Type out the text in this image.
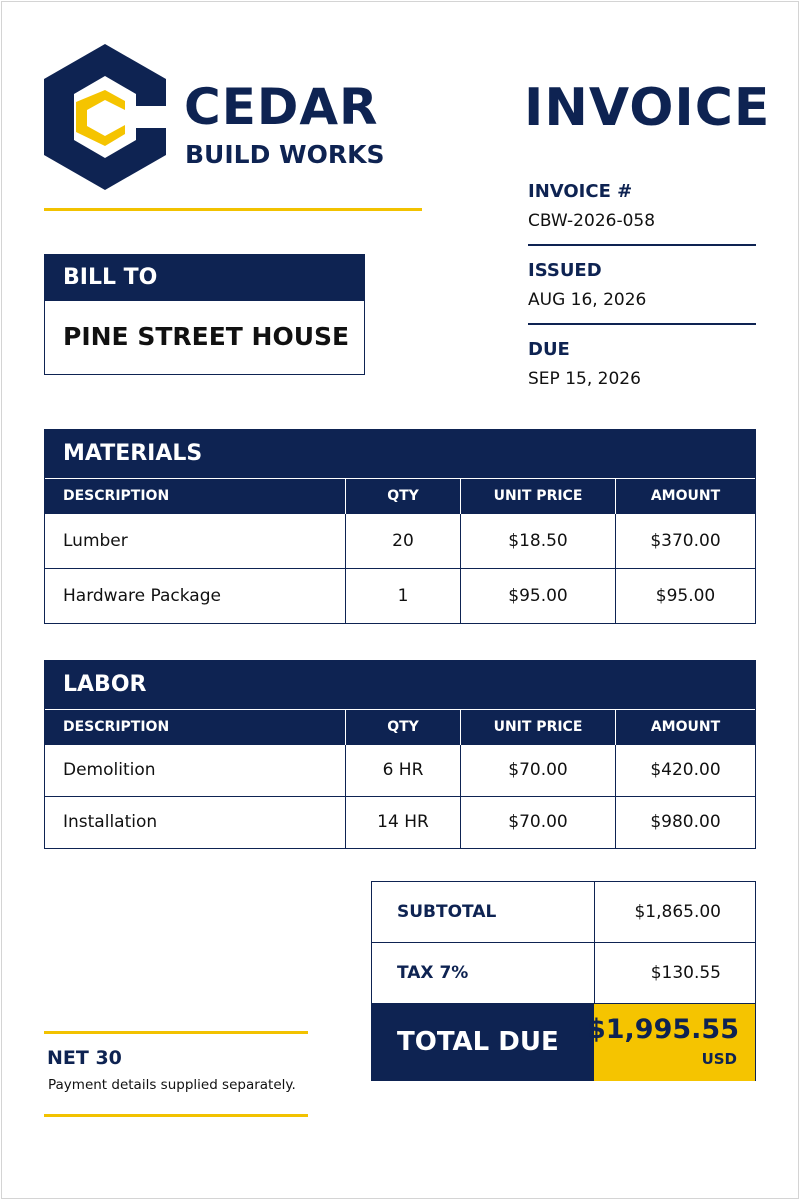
CEDAR
BUILD WORKS
INVOICE
INVOICE #
CBW-2026-058
ISSUED
AUG 16, 2026
DUE
SEP 15, 2026
BILL TO
PINE STREET HOUSE
MATERIALS
DESCRIPTION	QTY	UNIT PRICE	AMOUNT
Lumber	20	$18.50	$370.00
Hardware Package	1	$95.00	$95.00
LABOR
DESCRIPTION	QTY	UNIT PRICE	AMOUNT
Demolition	6 HR	$70.00	$420.00
Installation	14 HR	$70.00	$980.00
SUBTOTAL	$1,865.00
TAX 7%	$130.55
TOTAL DUE	$1,995.55
USD
NET 30
Payment details supplied separately.
